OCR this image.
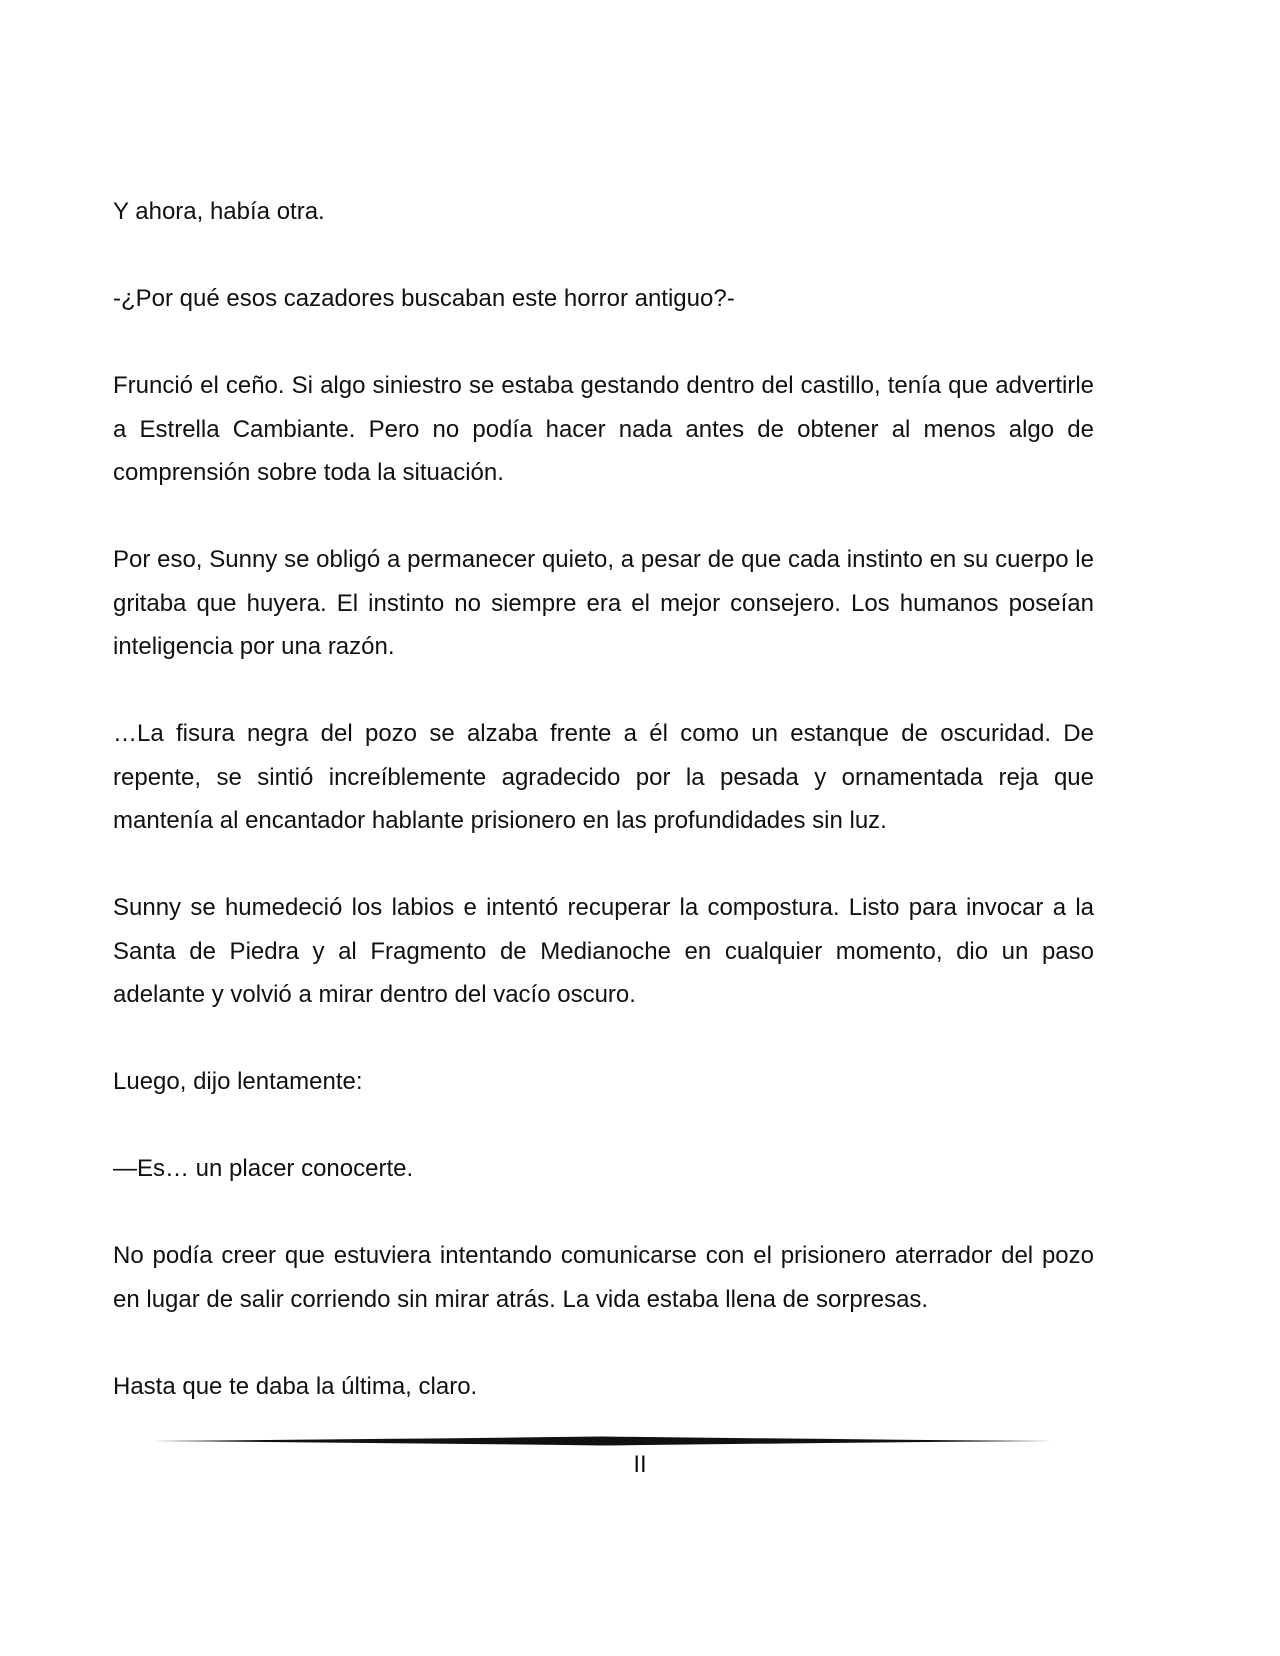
Y ahora, había otra.

-¿Por qué esos cazadores buscaban este horror antiguo?-

Frunció el ceño. Si algo siniestro se estaba gestando dentro del castillo, tenía que advertirle a Estrella Cambiante. Pero no podía hacer nada antes de obtener al menos algo de comprensión sobre toda la situación.

Por eso, Sunny se obligó a permanecer quieto, a pesar de que cada instinto en su cuerpo le gritaba que huyera. El instinto no siempre era el mejor consejero. Los humanos poseían inteligencia por una razón.

…La fisura negra del pozo se alzaba frente a él como un estanque de oscuridad. De repente, se sintió increíblemente agradecido por la pesada y ornamentada reja que mantenía al encantador hablante prisionero en las profundidades sin luz.

Sunny se humedeció los labios e intentó recuperar la compostura. Listo para invocar a la Santa de Piedra y al Fragmento de Medianoche en cualquier momento, dio un paso adelante y volvió a mirar dentro del vacío oscuro.

Luego, dijo lentamente:

—Es… un placer conocerte.

No podía creer que estuviera intentando comunicarse con el prisionero aterrador del pozo en lugar de salir corriendo sin mirar atrás. La vida estaba llena de sorpresas.

Hasta que te daba la última, claro.

II
